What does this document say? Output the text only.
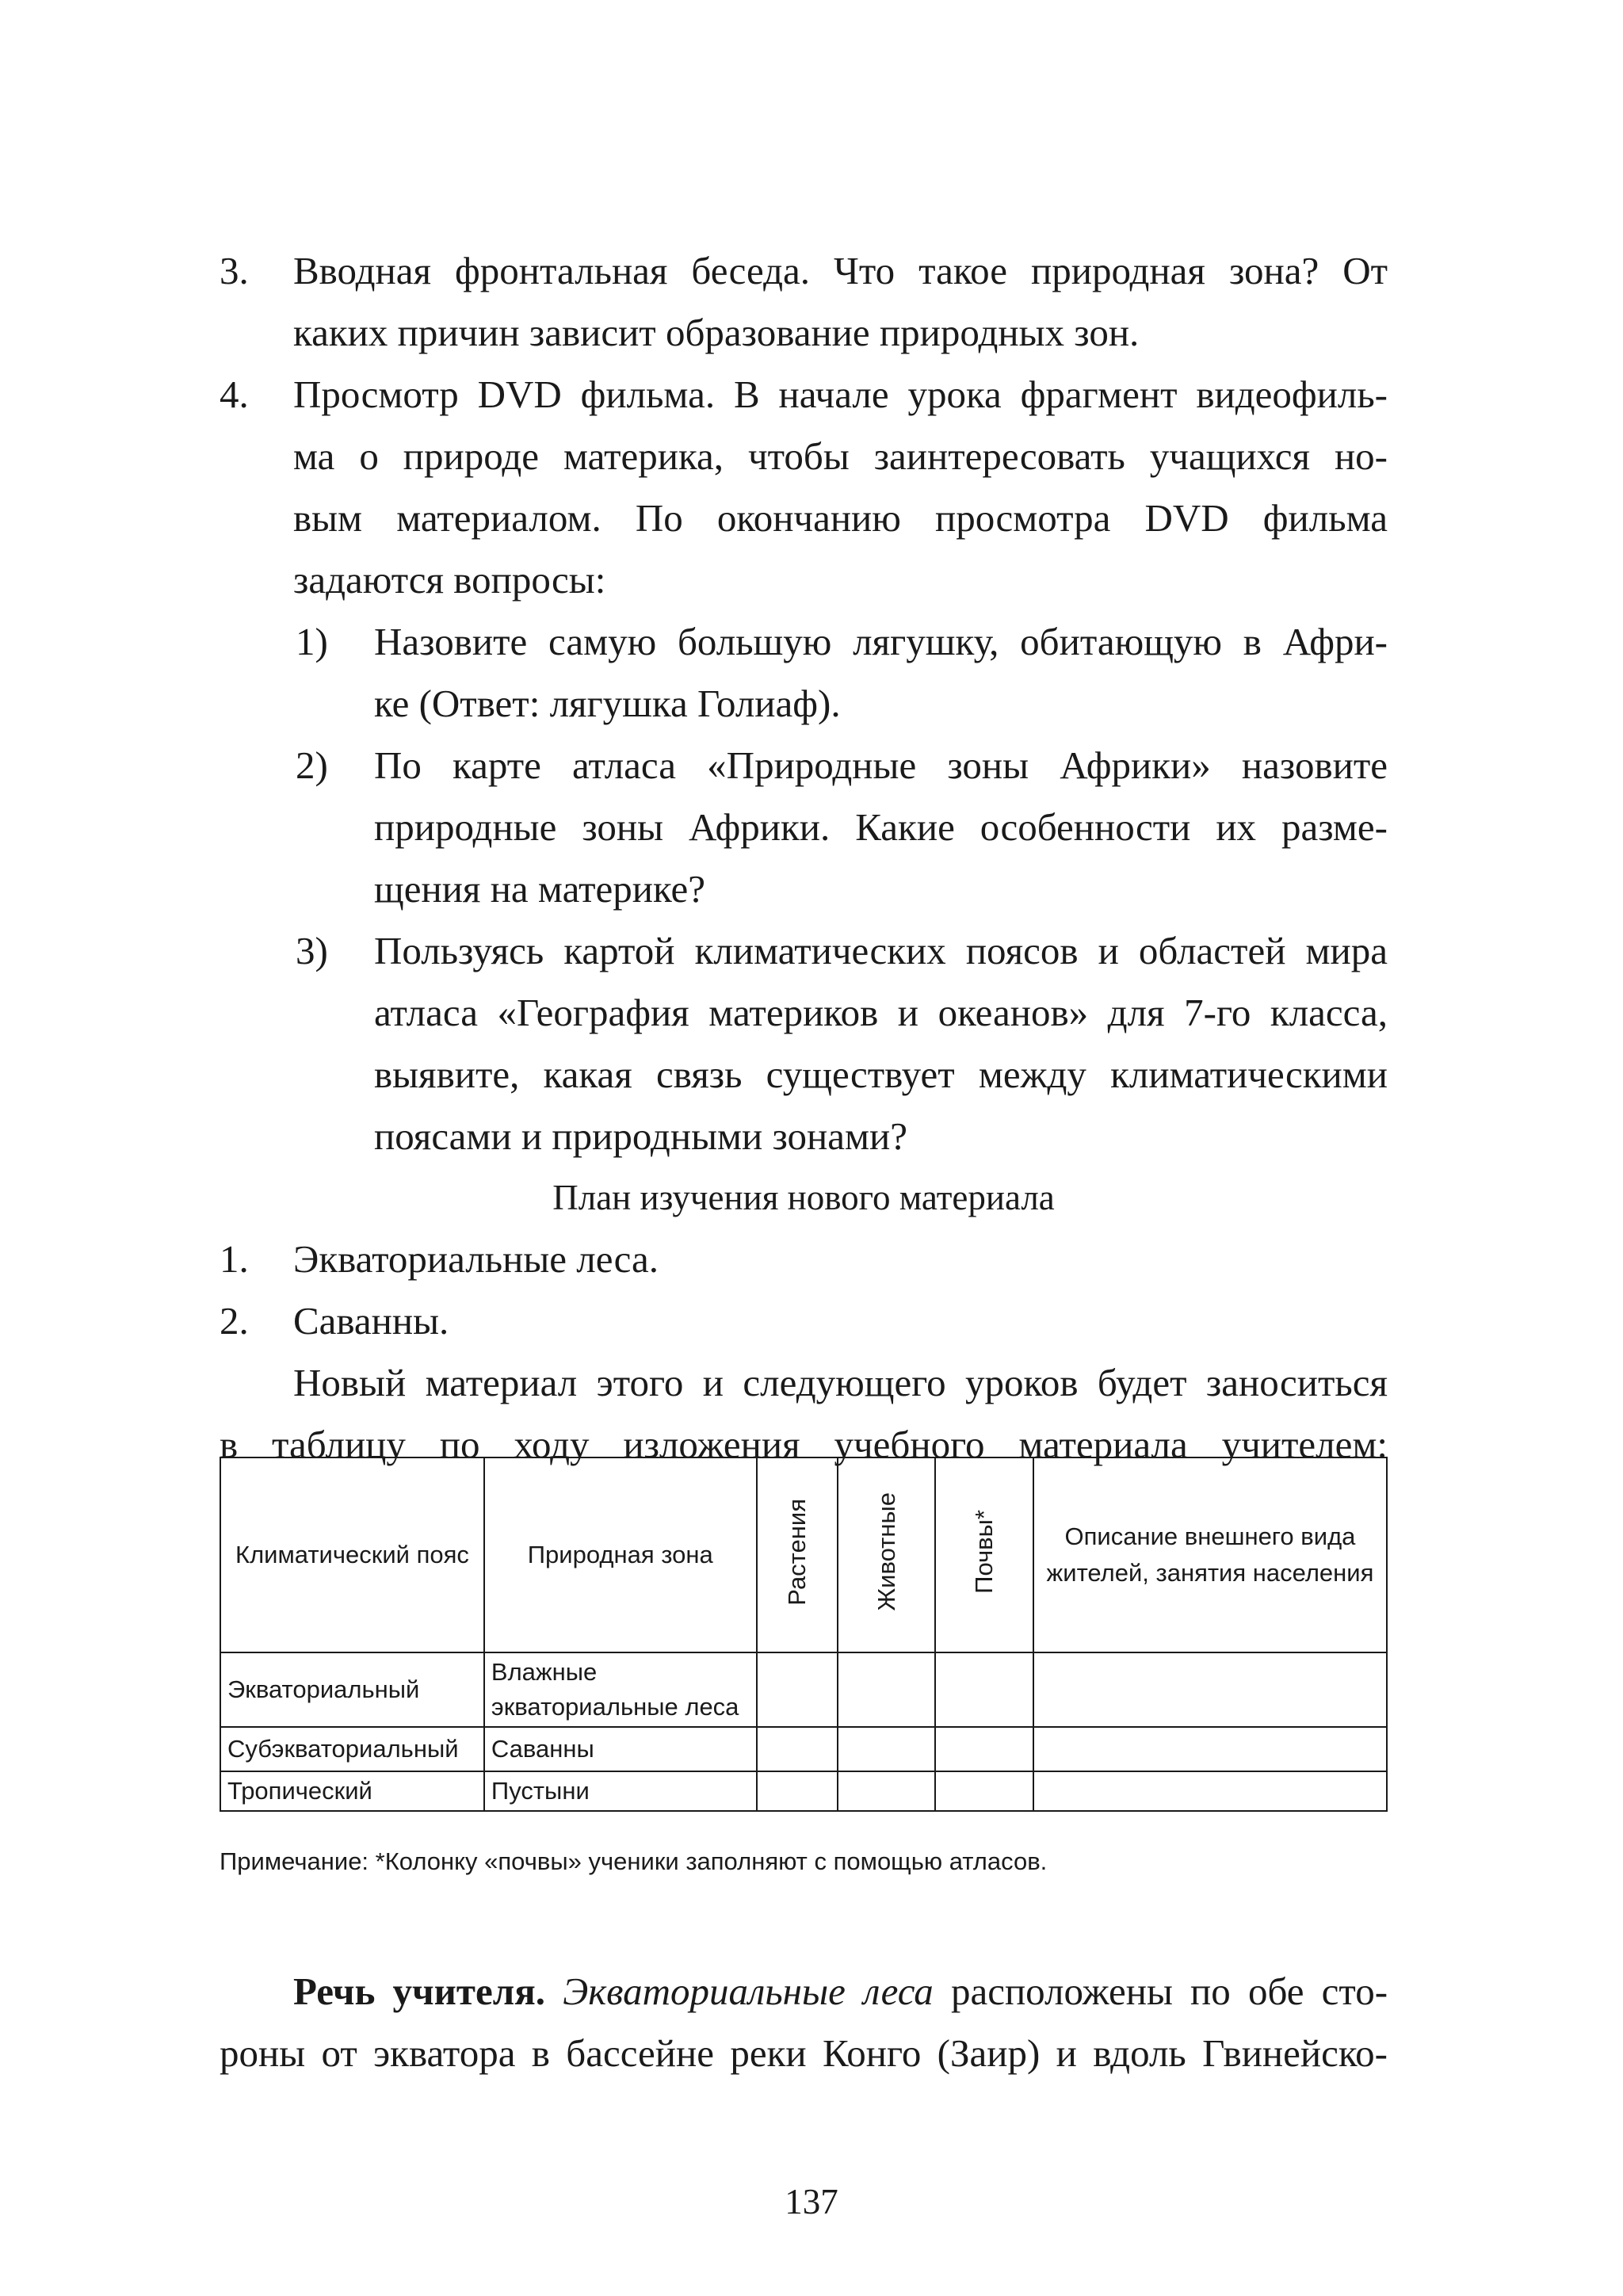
3. Вводная фронтальная беседа. Что такое природная зона? От
каких причин зависит образование природных зон.
4. Просмотр DVD фильма. В начале урока фрагмент видеофиль-
ма о природе материка, чтобы заинтересовать учащихся но-
вым материалом. По окончанию просмотра DVD фильма
задаются вопросы:
1) Назовите самую большую лягушку, обитающую в Афри-
ке (Ответ: лягушка Голиаф).
2) По карте атласа «Природные зоны Африки» назовите
природные зоны Африки. Какие особенности их разме-
щения на материке?
3) Пользуясь картой климатических поясов и областей мира
атласа «География материков и океанов» для 7-го класса,
выявите, какая связь существует между климатическими
поясами и природными зонами?
План изучения нового материала
1. Экваториальные леса.
2. Саванны.
Новый материал этого и следующего уроков будет заноситься
в таблицу по ходу изложения учебного материала учителем:
Климатический пояс	Природная зона	Растения	Животные	Почвы*	Описание внешнего вида жителей, занятия населения
Экваториальный	Влажные экваториальные леса				
Субэкваториальный	Саванны				
Тропический	Пустыни				
Примечание: *Колонку «почвы» ученики заполняют с помощью атласов.
Речь учителя. Экваториальные леса расположены по обе сто-
роны от экватора в бассейне реки Конго (Заир) и вдоль Гвинейско-
137
